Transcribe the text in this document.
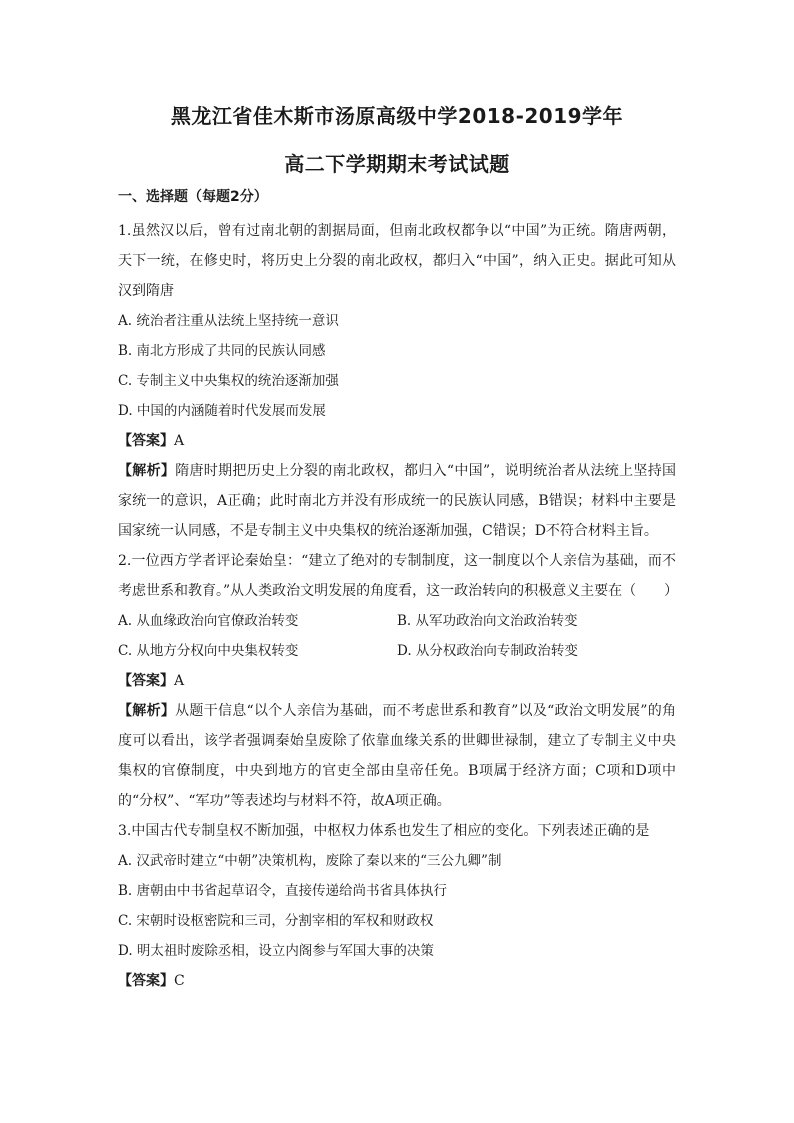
黑龙江省佳木斯市汤原高级中学2018-2019学年
高二下学期期末考试试题

一、选择题（每题2分）

1.虽然汉以后，曾有过南北朝的割据局面，但南北政权都争以“中国”为正统。隋唐两朝，天下一统，在修史时，将历史上分裂的南北政权，都归入“中国”，纳入正史。据此可知从汉到隋唐

A. 统治者注重从法统上坚持统一意识

B. 南北方形成了共同的民族认同感

C. 专制主义中央集权的统治逐渐加强

D. 中国的内涵随着时代发展而发展

【答案】A

【解析】隋唐时期把历史上分裂的南北政权，都归入“中国”，说明统治者从法统上坚持国家统一的意识，A正确；此时南北方并没有形成统一的民族认同感，B错误；材料中主要是国家统一认同感，不是专制主义中央集权的统治逐渐加强，C错误；D不符合材料主旨。

2.一位西方学者评论秦始皇：“建立了绝对的专制制度，这一制度以个人亲信为基础，而不考虑世系和教育。”从人类政治文明发展的角度看，这一政治转向的积极意义主要在（　　）

A. 从血缘政治向官僚政治转变	B. 从军功政治向文治政治转变
C. 从地方分权向中央集权转变	D. 从分权政治向专制政治转变

【答案】A

【解析】从题干信息“以个人亲信为基础，而不考虑世系和教育”以及“政治文明发展”的角度可以看出，该学者强调秦始皇废除了依靠血缘关系的世卿世禄制，建立了专制主义中央集权的官僚制度，中央到地方的官吏全部由皇帝任免。B项属于经济方面；C项和D项中的“分权”、“军功”等表述均与材料不符，故A项正确。

3.中国古代专制皇权不断加强，中枢权力体系也发生了相应的变化。下列表述正确的是

A. 汉武帝时建立“中朝”决策机构，废除了秦以来的“三公九卿”制

B. 唐朝由中书省起草诏令，直接传递给尚书省具体执行

C. 宋朝时设枢密院和三司，分割宰相的军权和财政权

D. 明太祖时废除丞相，设立内阁参与军国大事的决策

【答案】C
